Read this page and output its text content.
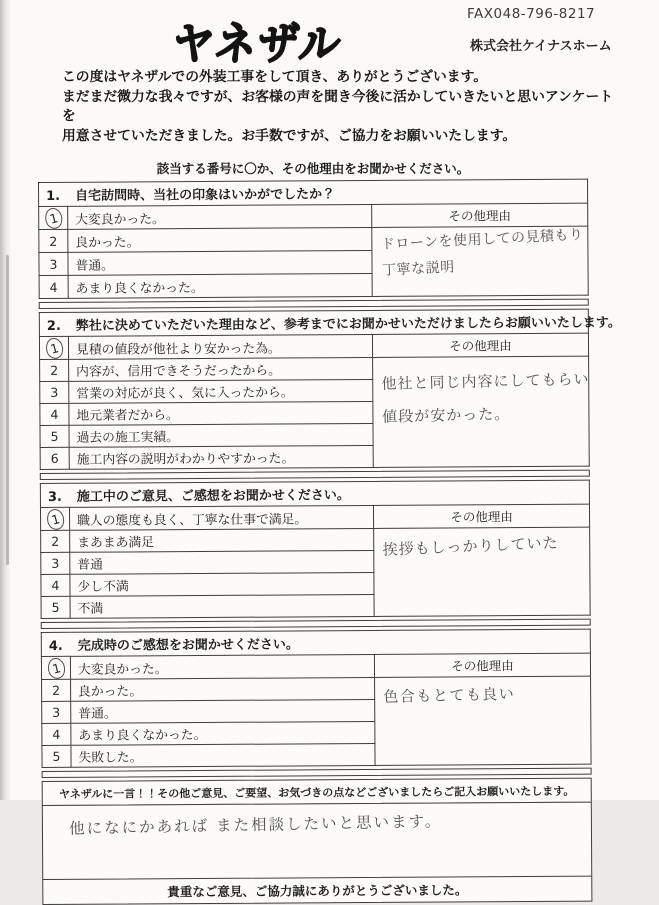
ヤネザル
FAX048-796-8217
株式会社ケイナスホーム
この度はヤネザルでの外装工事をして頂き、ありがとうございます。
まだまだ微力な我々ですが、お客様の声を聞き今後に活かしていきたいと思いアンケートを
用意させていただきました。お手数ですが、ご協力をお願いいたします。
該当する番号に〇か、その他理由をお聞かせください。
1. 自宅訪問時、当社の印象はいかがでしたか？		

1	大変良かった。	その他理由
2	良かった。	ドローンを使用しての見積もり
丁寧な説明

3	普通。	
4	あまり良くなかった。	
2. 弊社に決めていただいた理由など、参考までにお聞かせいただけましたらお願いいたします。		

1	見積の値段が他社より安かった為。	その他理由
2	内容が、信用できそうだったから。	他社と同じ内容にしてもらい
値段が安かった。

3	営業の対応が良く、気に入ったから。	
4	地元業者だから。	
5	過去の施工実績。	
6	施工内容の説明がわかりやすかった。	
3. 施工中のご意見、ご感想をお聞かせください。		

1	職人の態度も良く、丁寧な仕事で満足。	その他理由
2	まあまあ満足	挨拶もしっかりしていた

3	普通	
4	少し不満	
5	不満	
4. 完成時のご感想をお聞かせください。		

1	大変良かった。	その他理由
2	良かった。	色合もとても良い

3	普通。	
4	あまり良くなかった。	
5	失敗した。	
ヤネザルに一言！！その他ご意見、ご要望、お気づきの点などございましたらご記入お願いいたします。
他になにかあれば また相談したいと思います。
貴重なご意見、ご協力誠にありがとうございました。
